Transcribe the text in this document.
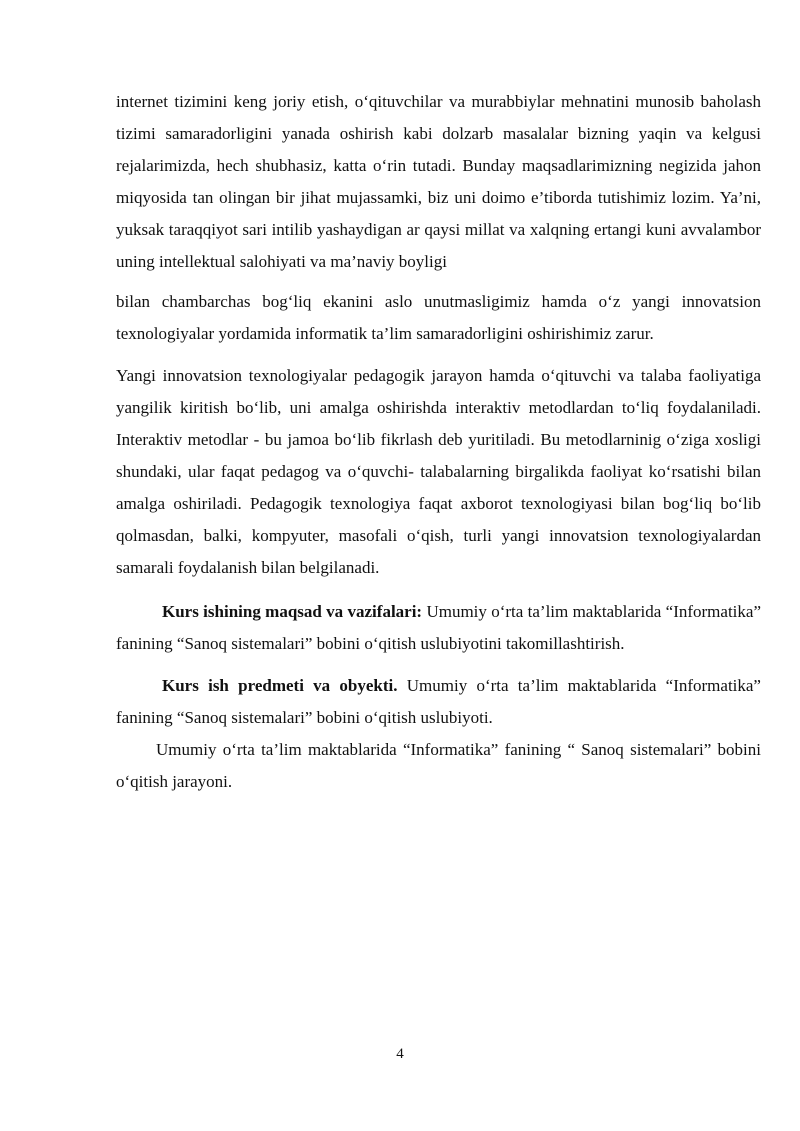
internet tizimini keng joriy etish, o‘qituvchilar va murabbiylar mehnatini munosib baholash tizimi samaradorligini yanada oshirish kabi dolzarb masalalar bizning yaqin va kelgusi rejalarimizda, hech shubhasiz, katta o‘rin tutadi. Bunday maqsadlarimizning negizida jahon miqyosida tan olingan bir jihat mujassamki, biz uni doimo e’tiborda tutishimiz lozim. Ya’ni, yuksak taraqqiyot sari intilib yashaydigan ar qaysi millat va xalqning ertangi kuni avvalambor uning intellektual salohiyati va ma’naviy boyligi

bilan chambarchas bog‘liq ekanini aslo unutmasligimiz hamda o‘z yangi innovatsion texnologiyalar yordamida informatik ta’lim samaradorligini oshirishimiz zarur.

Yangi innovatsion texnologiyalar pedagogik jarayon hamda o‘qituvchi va talaba faoliyatiga yangilik kiritish bo‘lib, uni amalga oshirishda interaktiv metodlardan to‘liq foydalaniladi. Interaktiv metodlar - bu jamoa bo‘lib fikrlash deb yuritiladi. Bu metodlarninig o‘ziga xosligi shundaki, ular faqat pedagog va o‘quvchi- talabalarning birgalikda faoliyat ko‘rsatishi bilan amalga oshiriladi. Pedagogik texnologiya faqat axborot texnologiyasi bilan bog‘liq bo‘lib qolmasdan, balki, kompyuter, masofali o‘qish, turli yangi innovatsion texnologiyalardan samarali foydalanish bilan belgilanadi.

Kurs ishining maqsad va vazifalari: Umumiy o‘rta ta’lim maktablarida “Informatika” fanining “Sanoq sistemalari” bobini o‘qitish uslubiyotini takomillashtirish.

Kurs ish predmeti va obyekti. Umumiy o‘rta ta’lim maktablarida “Informatika” fanining “Sanoq sistemalari” bobini o‘qitish uslubiyoti.

Umumiy o‘rta ta’lim maktablarida “Informatika” fanining “ Sanoq sistemalari” bobini o‘qitish jarayoni.

4
